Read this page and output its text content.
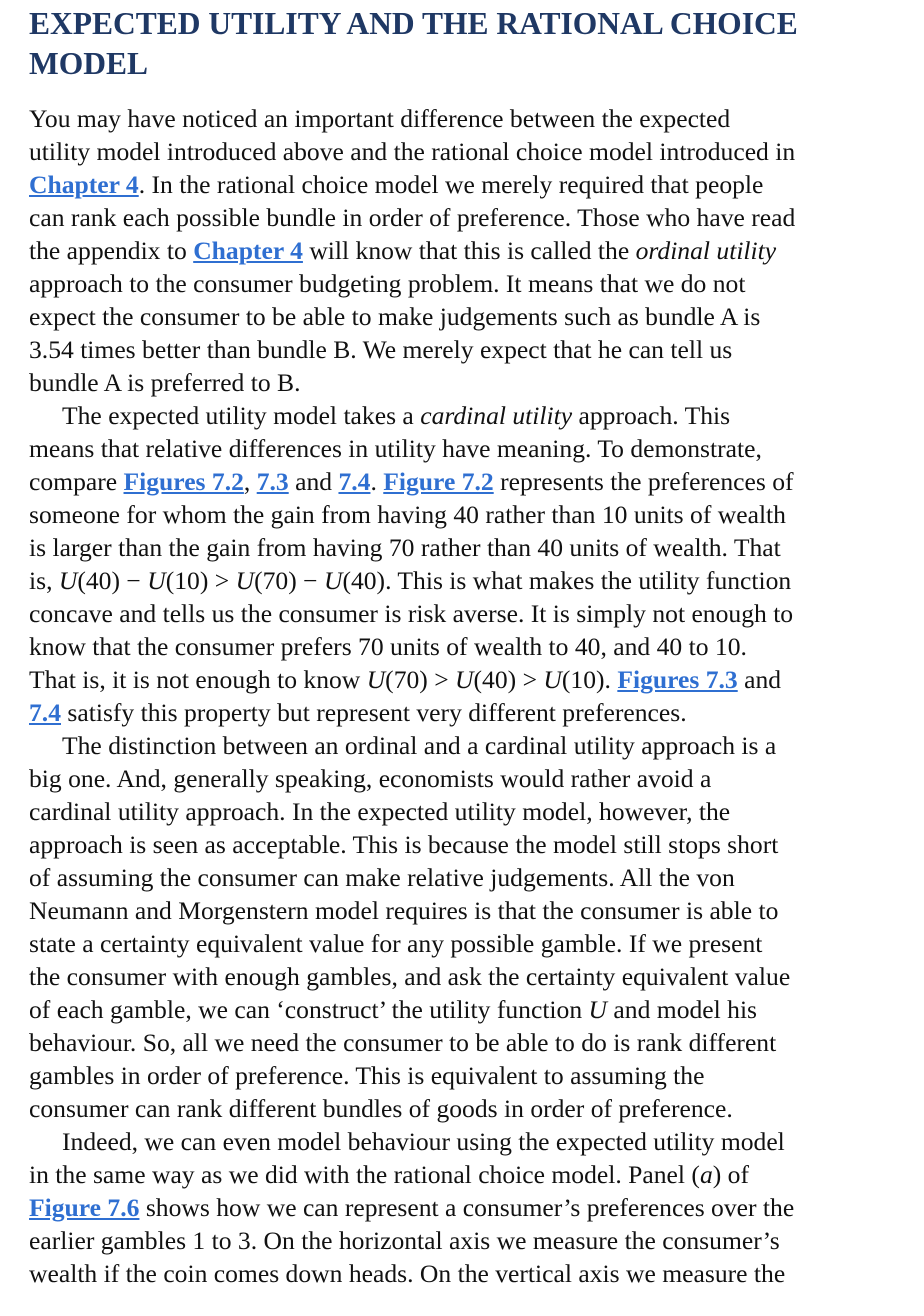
EXPECTED UTILITY AND THE RATIONAL CHOICE
MODEL

You may have noticed an important difference between the expected
utility model introduced above and the rational choice model introduced in
Chapter 4. In the rational choice model we merely required that people
can rank each possible bundle in order of preference. Those who have read
the appendix to Chapter 4 will know that this is called the ordinal utility
approach to the consumer budgeting problem. It means that we do not
expect the consumer to be able to make judgements such as bundle A is
3.54 times better than bundle B. We merely expect that he can tell us
bundle A is preferred to B.

The expected utility model takes a cardinal utility approach. This
means that relative differences in utility have meaning. To demonstrate,
compare Figures 7.2, 7.3 and 7.4. Figure 7.2 represents the preferences of
someone for whom the gain from having 40 rather than 10 units of wealth
is larger than the gain from having 70 rather than 40 units of wealth. That
is, U(40) − U(10) > U(70) − U(40). This is what makes the utility function
concave and tells us the consumer is risk averse. It is simply not enough to
know that the consumer prefers 70 units of wealth to 40, and 40 to 10.
That is, it is not enough to know U(70) > U(40) > U(10). Figures 7.3 and
7.4 satisfy this property but represent very different preferences.

The distinction between an ordinal and a cardinal utility approach is a
big one. And, generally speaking, economists would rather avoid a
cardinal utility approach. In the expected utility model, however, the
approach is seen as acceptable. This is because the model still stops short
of assuming the consumer can make relative judgements. All the von
Neumann and Morgenstern model requires is that the consumer is able to
state a certainty equivalent value for any possible gamble. If we present
the consumer with enough gambles, and ask the certainty equivalent value
of each gamble, we can ‘construct’ the utility function U and model his
behaviour. So, all we need the consumer to be able to do is rank different
gambles in order of preference. This is equivalent to assuming the
consumer can rank different bundles of goods in order of preference.

Indeed, we can even model behaviour using the expected utility model
in the same way as we did with the rational choice model. Panel (a) of
Figure 7.6 shows how we can represent a consumer’s preferences over the
earlier gambles 1 to 3. On the horizontal axis we measure the consumer’s
wealth if the coin comes down heads. On the vertical axis we measure the
